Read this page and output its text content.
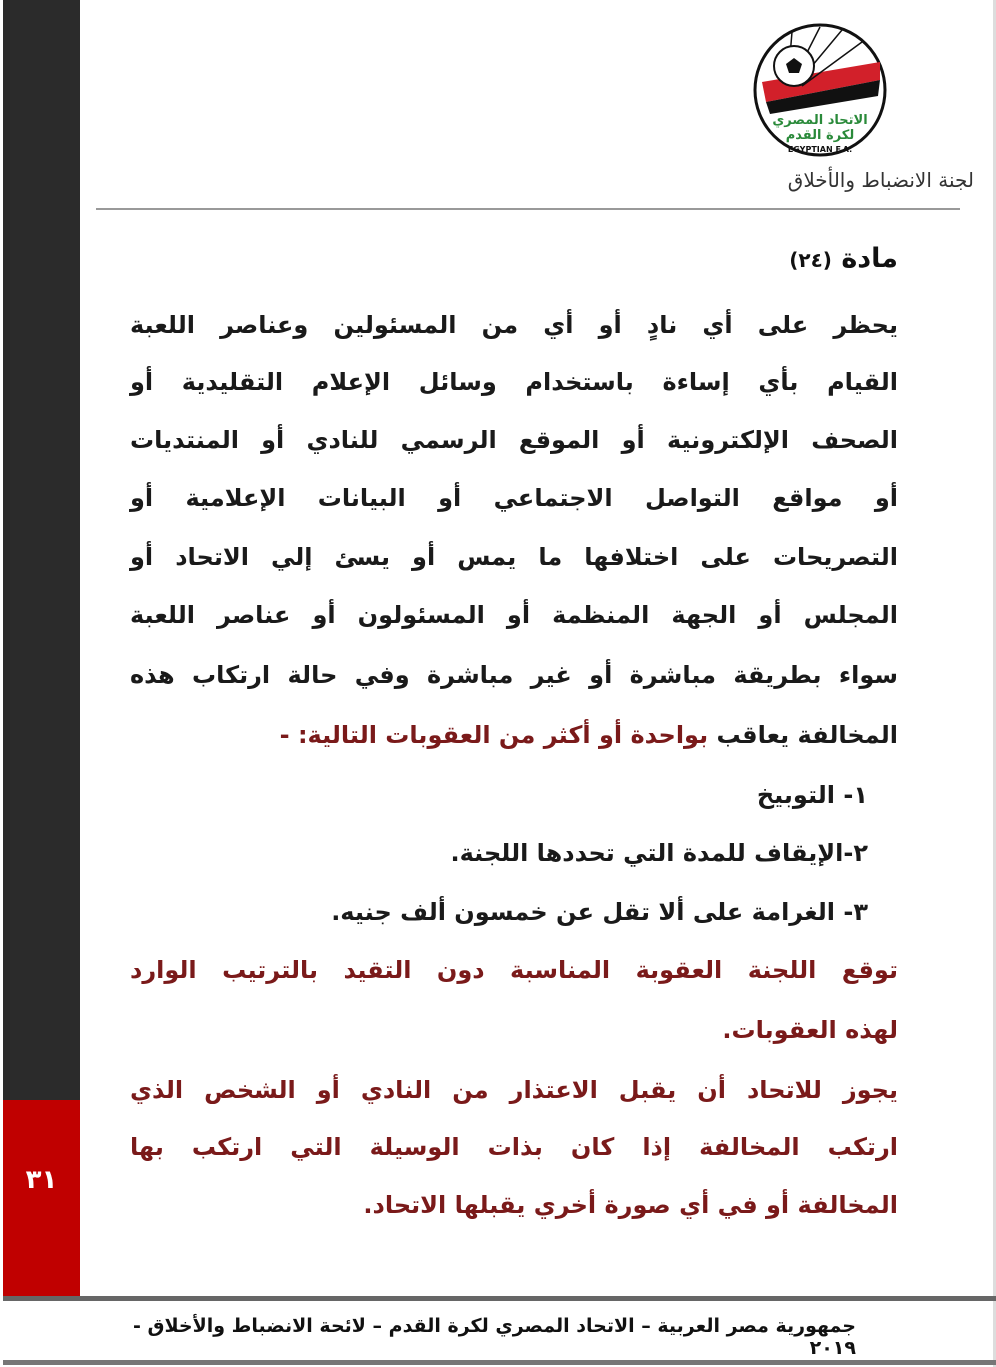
٣١
الاتحاد المصري
لكرة القدم
EGYPTIAN F.A.
لجنة الانضباط والأخلاق
مادة (٢٤)
يحظر على أي نادٍ أو أي من المسئولين وعناصر اللعبة
القيام بأي إساءة باستخدام وسائل الإعلام التقليدية أو
الصحف الإلكترونية أو الموقع الرسمي للنادي أو المنتديات
أو مواقع التواصل الاجتماعي أو البيانات الإعلامية أو
التصريحات على اختلافها ما يمس أو يسئ إلي الاتحاد أو
المجلس أو الجهة المنظمة أو المسئولون أو عناصر اللعبة
سواء بطريقة مباشرة أو غير مباشرة وفي حالة ارتكاب هذه
المخالفة يعاقب بواحدة أو أكثر من العقوبات التالية: -
١- التوبيخ
٢-الإيقاف للمدة التي تحددها اللجنة.
٣- الغرامة على ألا تقل عن خمسون ألف جنيه.
توقع اللجنة العقوبة المناسبة دون التقيد بالترتيب الوارد
لهذه العقوبات.
يجوز للاتحاد أن يقبل الاعتذار من النادي أو الشخص الذي
ارتكب المخالفة إذا كان بذات الوسيلة التي ارتكب بها
المخالفة أو في أي صورة أخري يقبلها الاتحاد.
جمهورية مصر العربية – الاتحاد المصري لكرة القدم – لائحة الانضباط والأخلاق - ٢٠١٩
